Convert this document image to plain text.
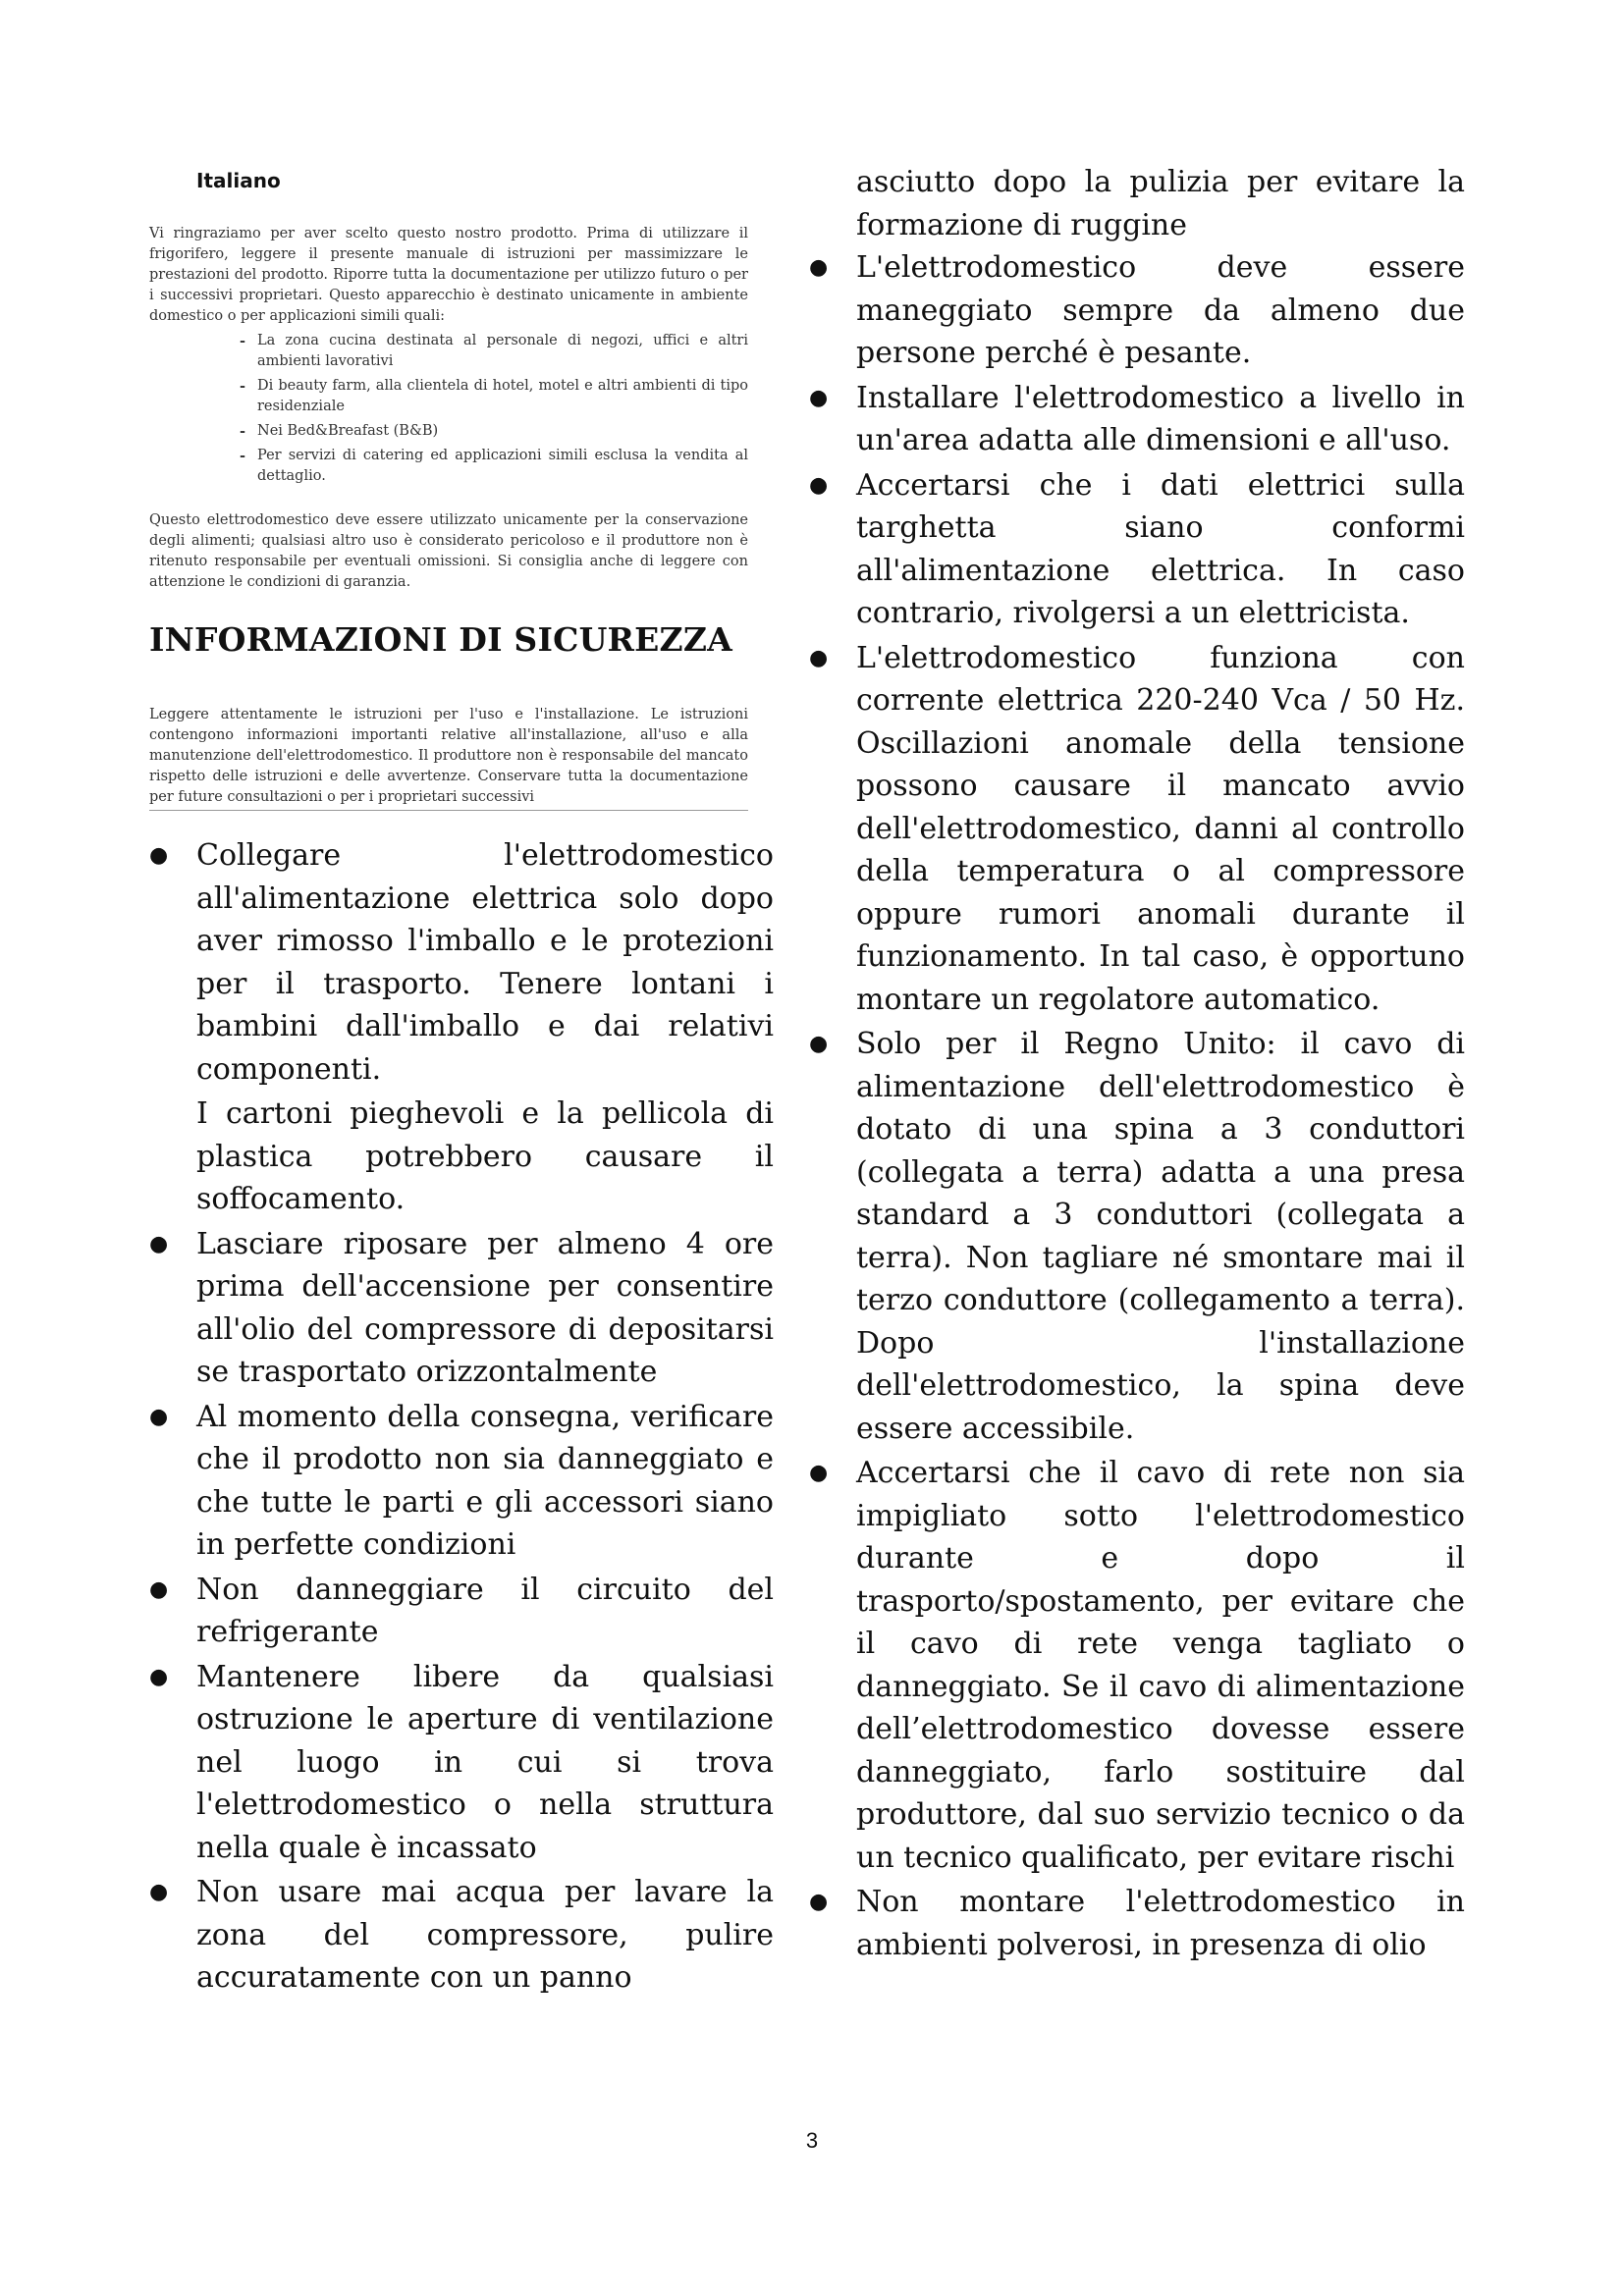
Italiano

Vi ringraziamo per aver scelto questo nostro prodotto. Prima di utilizzare il frigorifero, leggere il presente manuale di istruzioni per massimizzare le prestazioni del prodotto. Riporre tutta la documentazione per utilizzo futuro o per i successivi proprietari. Questo apparecchio è destinato unicamente in ambiente domestico o per applicazioni simili quali:

- La zona cucina destinata al personale di negozi, uffici e altri ambienti lavorativi
- Di beauty farm, alla clientela di hotel, motel e altri ambienti di tipo residenziale
- Nei Bed&Breafast (B&B)
- Per servizi di catering ed applicazioni simili esclusa la vendita al dettaglio.

Questo elettrodomestico deve essere utilizzato unicamente per la conservazione degli alimenti; qualsiasi altro uso è considerato pericoloso e il produttore non è ritenuto responsabile per eventuali omissioni. Si consiglia anche di leggere con attenzione le condizioni di garanzia.

INFORMAZIONI DI SICUREZZA

Leggere attentamente le istruzioni per l'uso e l'installazione. Le istruzioni contengono informazioni importanti relative all'installazione, all'uso e alla manutenzione dell'elettrodomestico. Il produttore non è responsabile del mancato rispetto delle istruzioni e delle avvertenze. Conservare tutta la documentazione per future consultazioni o per i proprietari successivi

● Collegare l'elettrodomestico all'alimentazione elettrica solo dopo aver rimosso l'imballo e le protezioni per il trasporto. Tenere lontani i bambini dall'imballo e dai relativi componenti.
I cartoni pieghevoli e la pellicola di plastica potrebbero causare il soffocamento.
● Lasciare riposare per almeno 4 ore prima dell'accensione per consentire all'olio del compressore di depositarsi se trasportato orizzontalmente
● Al momento della consegna, verificare che il prodotto non sia danneggiato e che tutte le parti e gli accessori siano in perfette condizioni
● Non danneggiare il circuito del refrigerante
● Mantenere libere da qualsiasi ostruzione le aperture di ventilazione nel luogo in cui si trova l'elettrodomestico o nella struttura nella quale è incassato
● Non usare mai acqua per lavare la zona del compressore, pulire accuratamente con un panno

asciutto dopo la pulizia per evitare la formazione di ruggine

● L'elettrodomestico deve essere maneggiato sempre da almeno due persone perché è pesante.
● Installare l'elettrodomestico a livello in un'area adatta alle dimensioni e all'uso.
● Accertarsi che i dati elettrici sulla targhetta siano conformi all'alimentazione elettrica. In caso contrario, rivolgersi a un elettricista.
● L'elettrodomestico funziona con corrente elettrica 220-240 Vca / 50 Hz. Oscillazioni anomale della tensione possono causare il mancato avvio dell'elettrodomestico, danni al controllo della temperatura o al compressore oppure rumori anomali durante il funzionamento. In tal caso, è opportuno montare un regolatore automatico.
● Solo per il Regno Unito: il cavo di alimentazione dell'elettrodomestico è dotato di una spina a 3 conduttori (collegata a terra) adatta a una presa standard a 3 conduttori (collegata a terra). Non tagliare né smontare mai il terzo conduttore (collegamento a terra). Dopo l'installazione dell'elettrodomestico, la spina deve essere accessibile.
● Accertarsi che il cavo di rete non sia impigliato sotto l'elettrodomestico durante e dopo il trasporto/spostamento, per evitare che il cavo di rete venga tagliato o danneggiato. Se il cavo di alimentazione dell’elettrodomestico dovesse essere danneggiato, farlo sostituire dal produttore, dal suo servizio tecnico o da un tecnico qualificato, per evitare rischi
● Non montare l'elettrodomestico in ambienti polverosi, in presenza di olio
3
